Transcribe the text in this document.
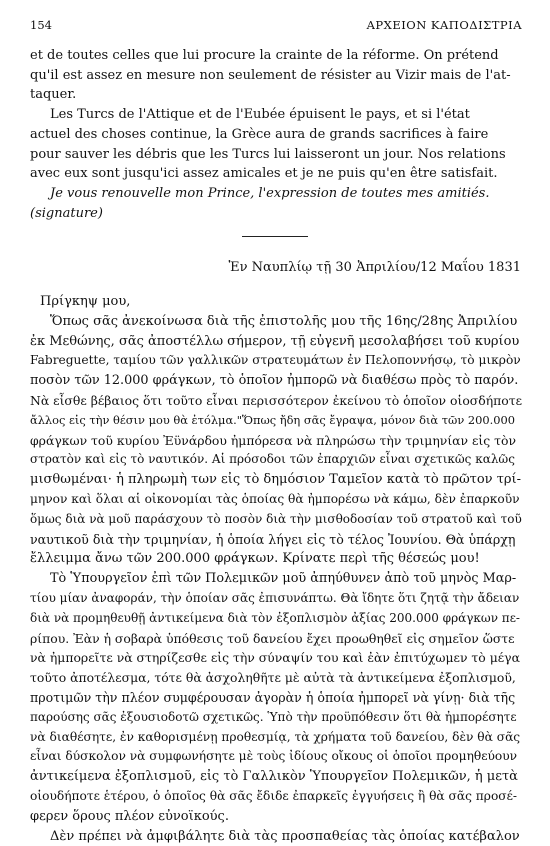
154	ΑΡΧΕΙΟΝ ΚΑΠΟΔΙΣΤΡΙΑ

et de toutes celles que lui procure la crainte de la réforme. On prétend
qu'il est assez en mesure non seulement de résister au Vizir mais de l'at-
taquer.

Les Turcs de l'Attique et de l'Eubée épuisent le pays, et si l'état
actuel des choses continue, la Grèce aura de grands sacrifices à faire
pour sauver les débris que les Turcs lui laisseront un jour. Nos relations
avec eux sont jusqu'ici assez amicales et je ne puis qu'en être satisfait.

Je vous renouvelle mon Prince, l'expression de toutes mes amitiés.

(signature)

Ἐν Ναυπλίῳ τῇ 30 Ἀπριλίου/12 Μαΐου 1831

Πρίγκηψ μου,

Ὅπως σᾶς ἀνεκοίνωσα διὰ τῆς ἐπιστολῆς μου τῆς 16ης/28ης Ἀπριλίου
ἐκ Μεθώνης, σᾶς ἀποστέλλω σήμερον, τῇ εὐγενῆ μεσολαβήσει τοῦ κυρίου
Fabreguette, ταμίου τῶν γαλλικῶν στρατευμάτων ἐν Πελοποννήσῳ, τὸ μικρὸν
ποσὸν τῶν 12.000 φράγκων, τὸ ὁποῖον ἠμπορῶ νὰ διαθέσω πρὸς τὸ παρόν.
Νὰ εἶσθε βέβαιος ὅτι τοῦτο εἶναι περισσότερον ἐκείνου τὸ ὁποῖον οἱοσδήποτε
ἄλλος εἰς τὴν θέσιν μου θὰ ἐτόλμα."Ὅπως ἤδη σᾶς ἔγραψα, μόνον διὰ τῶν 200.000
φράγκων τοῦ κυρίου Ἐϋνάρδου ἠμπόρεσα νὰ πληρώσω τὴν τριμηνίαν εἰς τὸν
στρατὸν καὶ εἰς τὸ ναυτικόν. Αἱ πρόσοδοι τῶν ἐπαρχιῶν εἶναι σχετικῶς καλῶς
μισθωμέναι· ἡ πληρωμὴ των εἰς τὸ δημόσιον Ταμεῖον κατὰ τὸ πρῶτον τρί-
μηνον καὶ ὅλαι αἱ οἰκονομίαι τὰς ὁποίας θὰ ἠμπορέσω νὰ κάμω, δὲν ἐπαρκοῦν
ὅμως διὰ νὰ μοῦ παράσχουν τὸ ποσὸν διὰ τὴν μισθοδοσίαν τοῦ στρατοῦ καὶ τοῦ
ναυτικοῦ διὰ τὴν τριμηνίαν, ἡ ὁποία λήγει εἰς τὸ τέλος Ἰουνίου. Θὰ ὑπάρχῃ
ἔλλειμμα ἄνω τῶν 200.000 φράγκων. Κρίνατε περὶ τῆς θέσεώς μου!

Τὸ Ὑπουργεῖον ἐπὶ τῶν Πολεμικῶν μοῦ ἀπηύθυνεν ἀπὸ τοῦ μηνὸς Μαρ-
τίου μίαν ἀναφοράν, τὴν ὁποίαν σᾶς ἐπισυνάπτω. Θὰ ἴδητε ὅτι ζητᾷ τὴν ἄδειαν
διὰ νὰ προμηθευθῇ ἀντικείμενα διὰ τὸν ἐξοπλισμὸν ἀξίας 200.000 φράγκων πε-
ρίπου. Ἐὰν ἡ σοβαρὰ ὑπόθεσις τοῦ δανείου ἔχει προωθηθεῖ εἰς σημεῖον ὥστε
νὰ ἠμπορεῖτε νὰ στηρίζεσθε εἰς τὴν σύναψίν του καὶ ἐὰν ἐπιτύχωμεν τὸ μέγα
τοῦτο ἀποτέλεσμα, τότε θὰ ἀσχοληθῆτε μὲ αὐτὰ τὰ ἀντικείμενα ἐξοπλισμοῦ,
προτιμῶν τὴν πλέον συμφέρουσαν ἀγορὰν ἡ ὁποία ἠμπορεῖ νὰ γίνῃ· διὰ τῆς
παρούσης σᾶς ἐξουσιοδοτῶ σχετικῶς. Ὑπὸ τὴν προϋπόθεσιν ὅτι θὰ ἠμπορέσητε
νὰ διαθέσητε, ἐν καθορισμένῃ προθεσμίᾳ, τὰ χρήματα τοῦ δανείου, δὲν θὰ σᾶς
εἶναι δύσκολον νὰ συμφωνήσητε μὲ τοὺς ἰδίους οἴκους οἱ ὁποῖοι προμηθεύουν
ἀντικείμενα ἐξοπλισμοῦ, εἰς τὸ Γαλλικὸν Ὑπουργεῖον Πολεμικῶν, ἡ μετὰ
οἱουδήποτε ἑτέρου, ὁ ὁποῖος θὰ σᾶς ἔδιδε ἐπαρκεῖς ἐγγυήσεις ἢ θὰ σᾶς προσέ-
φερεν ὅρους πλέον εὐνοϊκούς.

Δὲν πρέπει νὰ ἀμφιβάλητε διὰ τὰς προσπαθείας τὰς ὁποίας κατέβαλον
